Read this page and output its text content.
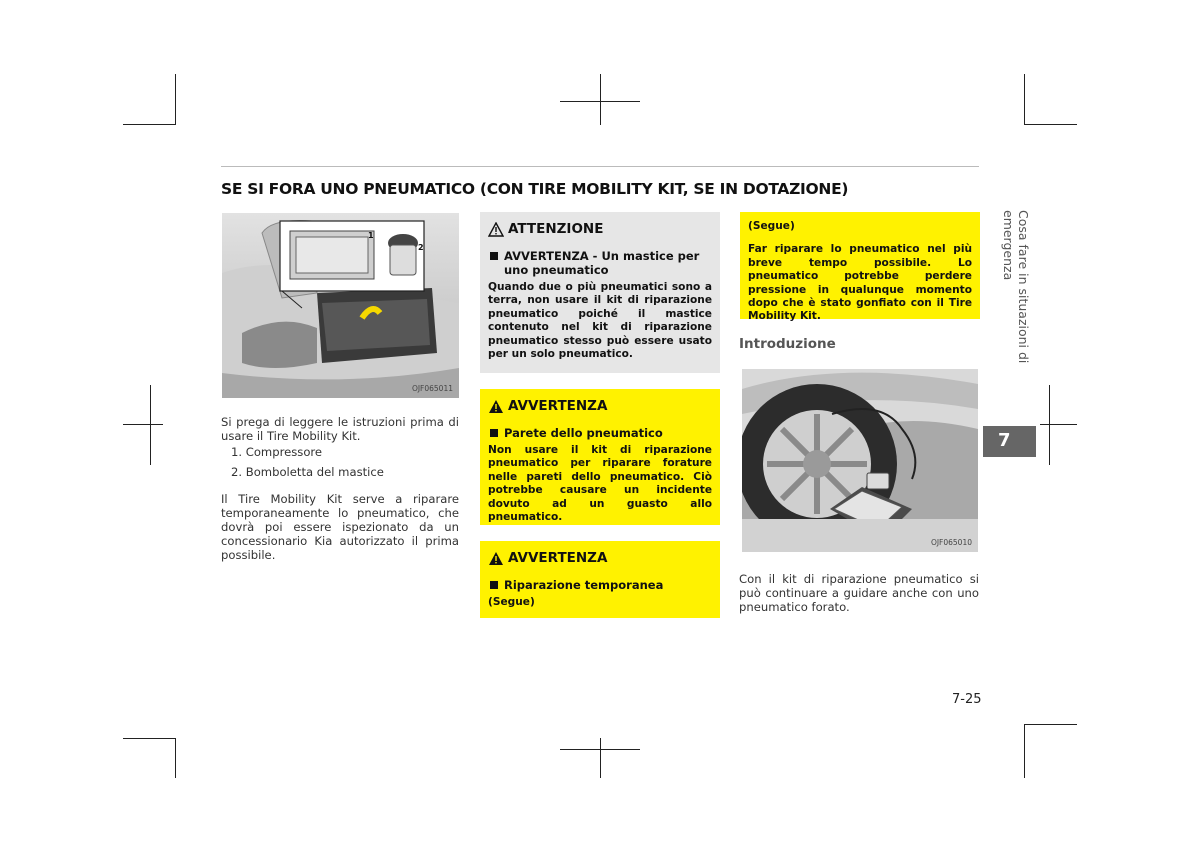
SE SI FORA UNO PNEUMATICO (CON TIRE MOBILITY KIT, SE IN DOTAZIONE)
1
2
OJF065011

Si prega di leggere le istruzioni prima di usare il Tire Mobility Kit.

1. Compressore

2. Bomboletta del mastice

Il Tire Mobility Kit serve a riparare temporaneamente lo pneumatico, che dovrà poi essere ispezionato da un concessionario Kia autorizzato il prima possibile.
ATTENZIONE
AVVERTENZA - Un mastice per uno pneumatico
Quando due o più pneumatici sono a terra, non usare il kit di riparazione pneumatico poiché il mastice contenuto nel kit di riparazione pneumatico stesso può essere usato per un solo pneumatico.
AVVERTENZA
Parete dello pneumatico
Non usare il kit di riparazione pneumatico per riparare forature nelle pareti dello pneumatico. Ciò potrebbe causare un incidente dovuto ad un guasto allo pneumatico.
AVVERTENZA
Riparazione temporanea
(Segue)
(Segue)
Far riparare lo pneumatico nel più breve tempo possibile. Lo pneumatico potrebbe perdere pressione in qualunque momento dopo che è stato gonfiato con il Tire Mobility Kit.
Introduzione
OJF065010
Con il kit di riparazione pneumatico si può continuare a guidare anche con uno pneumatico forato.
Cosa fare in situazioni di emergenza
7
7-25
